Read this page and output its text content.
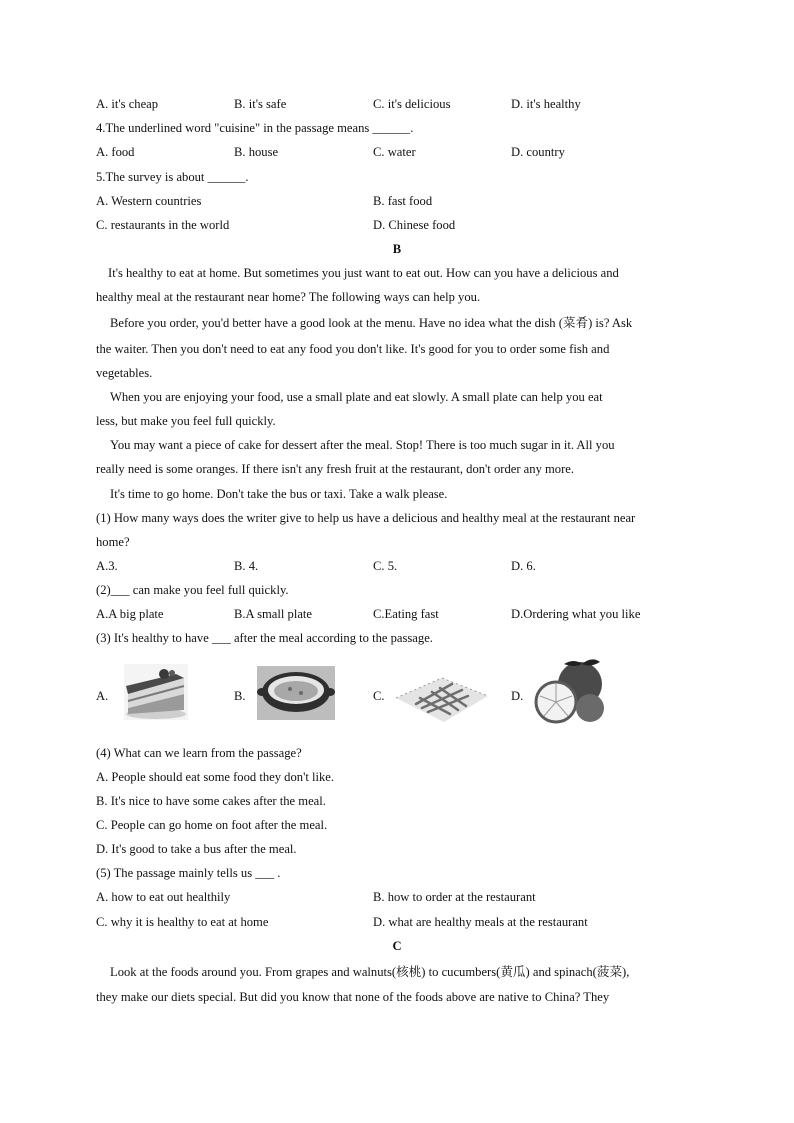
A. it's cheap	B. it's safe	C. it's delicious	D. it's healthy
4.The underlined word "cuisine" in the passage means ______.
A. food	B. house	C. water	D. country
5.The survey is about ______.
A. Western countries	B. fast food
C. restaurants in the world	D. Chinese food
B
It's healthy to eat at home. But sometimes you just want to eat out. How can you have a delicious and
healthy meal at the restaurant near home? The following ways can help you.
Before you order, you'd better have a good look at the menu. Have no idea what the dish (菜肴) is? Ask
the waiter. Then you don't need to eat any food you don't like. It's good for you to order some fish and
vegetables.
When you are enjoying your food, use a small plate and eat slowly. A small plate can help you eat
less, but make you feel full quickly.
You may want a piece of cake for dessert after the meal. Stop! There is too much sugar in it. All you
really need is some oranges. If there isn't any fresh fruit at the restaurant, don't order any more.
It's time to go home. Don't take the bus or taxi. Take a walk please.
(1) How many ways does the writer give to help us have a delicious and healthy meal at the restaurant near
home?
A.3.	B. 4.	C. 5.	D. 6.
(2)___ can make you feel full quickly.
A.A big plate	B.A small plate	C.Eating fast	D.Ordering what you like
(3) It's healthy to have ___ after the meal according to the passage.
A.	B.	C.	D.
(4) What can we learn from the passage?
A. People should eat some food they don't like.
B. It's nice to have some cakes after the meal.
C. People can go home on foot after the meal.
D. It's good to take a bus after the meal.
(5) The passage mainly tells us ___ .
A. how to eat out healthily	B. how to order at the restaurant
C. why it is healthy to eat at home	D. what are healthy meals at the restaurant
C
Look at the foods around you. From grapes and walnuts(核桃) to cucumbers(黄瓜) and spinach(菠菜),
they make our diets special. But did you know that none of the foods above are native to China? They
